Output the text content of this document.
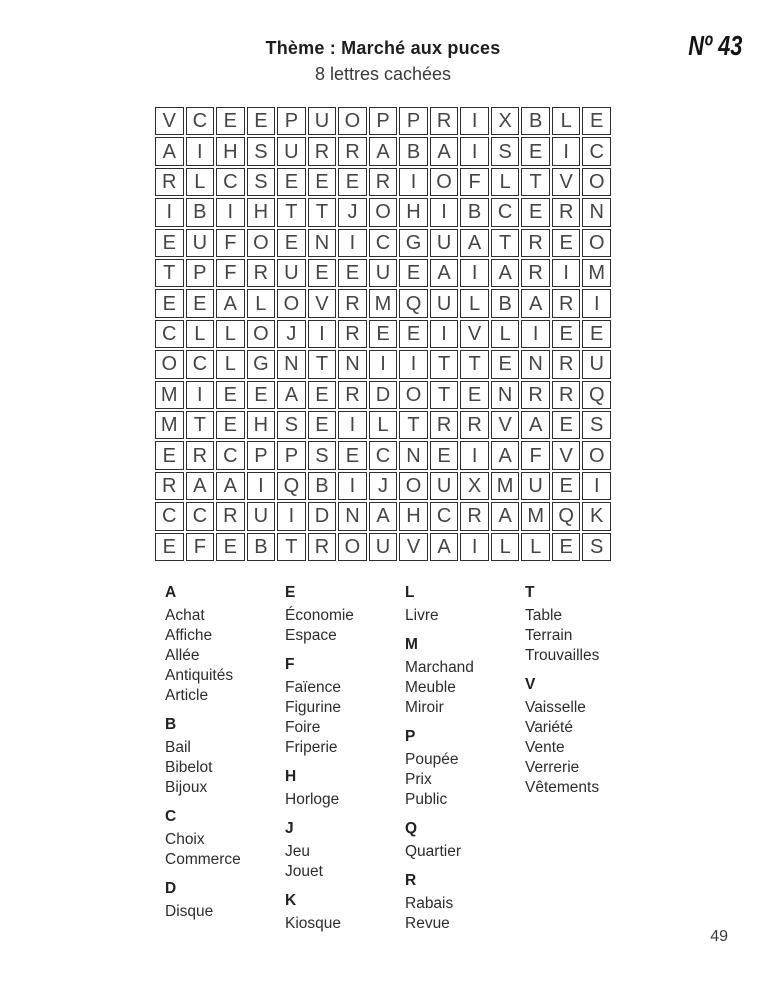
Thème : Marché aux puces
8 lettres cachées
Nº 43
V C E E P U O P P R	I	X B L E
A	I	H S U R R A B A	I	S E	I	C
R L C S E E E R	I O F L T V O
I	B	I	H T T J O H	I	B C E R N
E U F O E N	I	C G U A T R E O
T P F R U E E U E A	I	A R	I M
E E A L O V R M Q U L B A R	I
C L L O J	I	R E E	I	V L	I	E E
O C L G N T N	I	I	T T E N R U
M I	E E A E R D O T E N R R Q
M T E H S E	I	L T R R V A E S
E R C P P S E C N E	I	A F V O
R A A	I Q B	I	J O U X M U E	I
C C R U	I	D N A H C R A M Q K
E F E B T R O U V A	I	L L E S
A
Achat
Affiche
Allée
Antiquités
Article
B
Bail
Bibelot
Bijoux
C
Choix
Commerce
D
Disque
E
Économie
Espace
F
Faïence
Figurine
Foire
Friperie
H
Horloge
J
Jeu
Jouet
K
Kiosque
L
Livre
M
Marchand
Meuble
Miroir
P
Poupée
Prix
Public
Q
Quartier
R
Rabais
Revue
T
Table
Terrain
Trouvailles
V
Vaisselle
Variété
Vente
Verrerie
Vêtements
49
